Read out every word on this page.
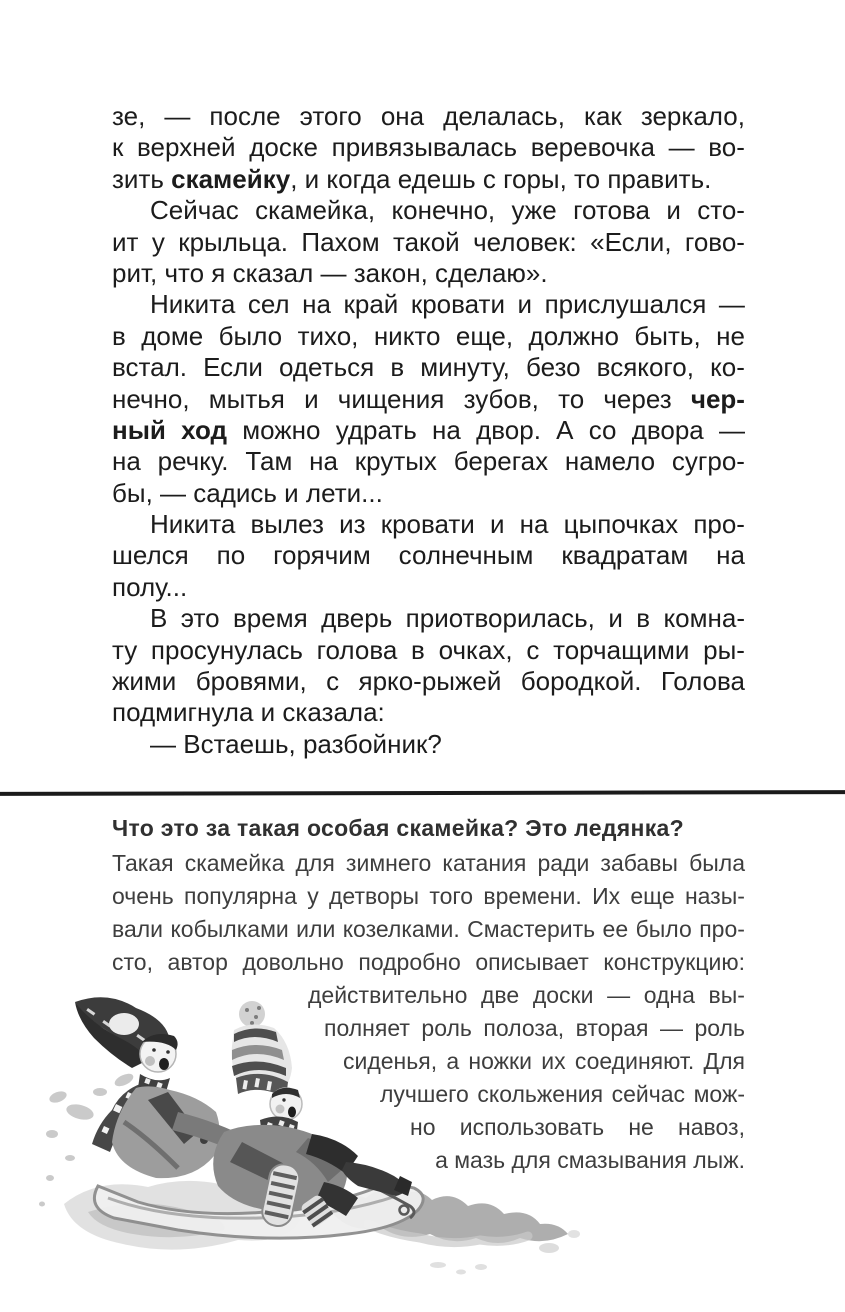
зе, — после этого она делалась, как зеркало,
к верхней доске привязывалась веревочка — во-
зить скамейку, и когда едешь с горы, то править.
Сейчас скамейка, конечно, уже готова и сто-
ит у крыльца. Пахом такой человек: «Если, гово-
рит, что я сказал — закон, сделаю».
Никита сел на край кровати и прислушался —
в доме было тихо, никто еще, должно быть, не
встал. Если одеться в минуту, безо всякого, ко-
нечно, мытья и чищения зубов, то через чер-
ный ход можно удрать на двор. А со двора —
на речку. Там на крутых берегах намело сугро-
бы, — садись и лети...
Никита вылез из кровати и на цыпочках про-
шелся по горячим солнечным квадратам на
полу...
В это время дверь приотворилась, и в комна-
ту просунулась голова в очках, с торчащими ры-
жими бровями, с ярко-рыжей бородкой. Голова
подмигнула и сказала:
— Встаешь, разбойник?
Что это за такая особая скамейка? Это ледянка?
Такая скамейка для зимнего катания ради забавы была
очень популярна у детворы того времени. Их еще назы-
вали кобылками или козелками. Смастерить ее было про-
сто, автор довольно подробно описывает конструкцию:
действительно две доски — одна вы-
полняет роль полоза, вторая — роль
сиденья, а ножки их соединяют. Для
лучшего скольжения сейчас мож-
но использовать не навоз,
а мазь для смазывания лыж.
